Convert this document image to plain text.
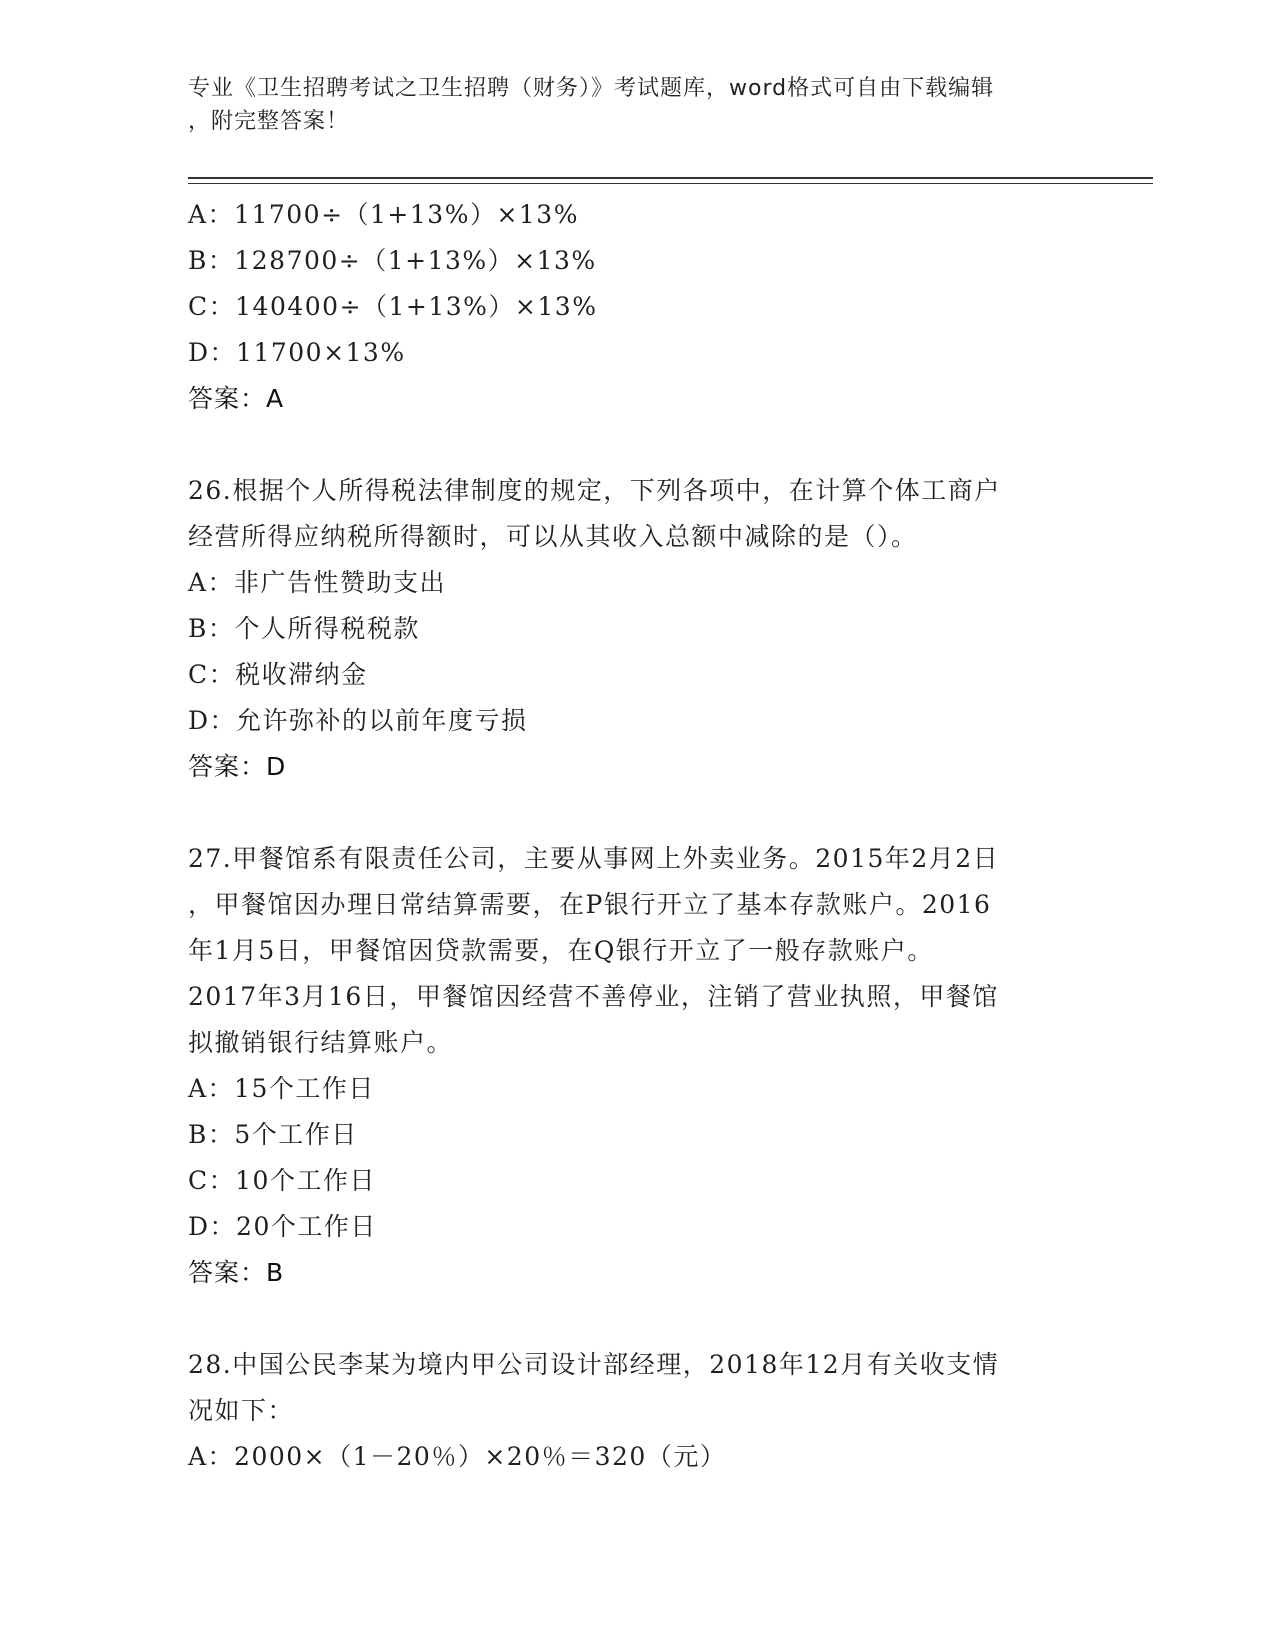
专业《卫生招聘考试之卫生招聘（财务）》考试题库，word格式可自由下载编辑
，附完整答案！
A：11700÷（1+13%）×13%
B：128700÷（1+13%）×13%
C：140400÷（1+13%）×13%
D：11700×13%
答案：A
26.根据个人所得税法律制度的规定，下列各项中，在计算个体工商户
经营所得应纳税所得额时，可以从其收入总额中减除的是（）。
A：非广告性赞助支出
B：个人所得税税款
C：税收滞纳金
D：允许弥补的以前年度亏损
答案：D
27.甲餐馆系有限责任公司，主要从事网上外卖业务。2015年2月2日
，甲餐馆因办理日常结算需要，在P银行开立了基本存款账户。2016
年1月5日，甲餐馆因贷款需要，在Q银行开立了一般存款账户。
2017年3月16日，甲餐馆因经营不善停业，注销了营业执照，甲餐馆
拟撤销银行结算账户。
A：15个工作日
B：5个工作日
C：10个工作日
D：20个工作日
答案：B
28.中国公民李某为境内甲公司设计部经理，2018年12月有关收支情
况如下：
A：2000×（1－20％）×20％＝320（元）
